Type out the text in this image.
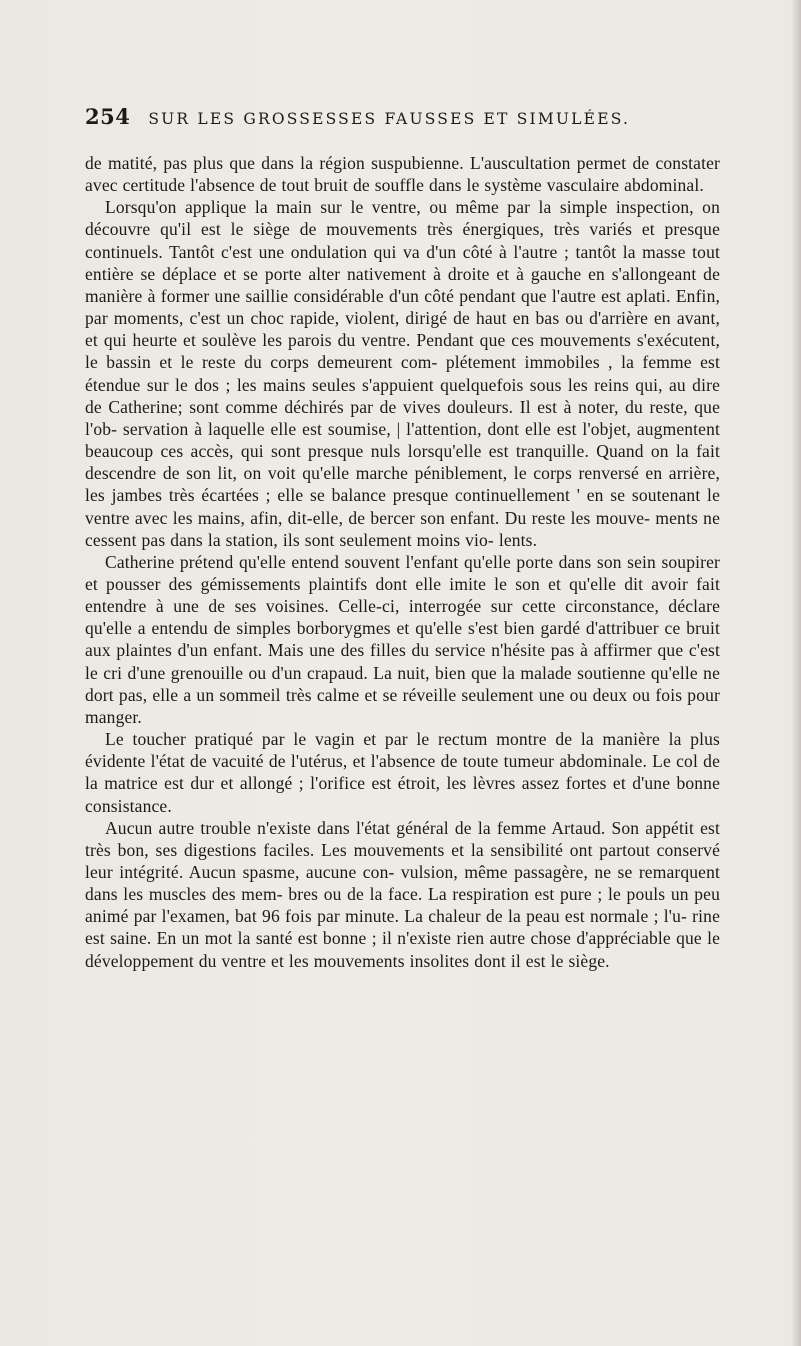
254 SUR LES GROSSESSES FAUSSES ET SIMULÉES.

de matité, pas plus que dans la région suspubienne. L'auscultation permet de constater avec certitude l'absence de tout bruit de souffle dans le système vasculaire abdominal.

Lorsqu'on applique la main sur le ventre, ou même par la simple inspection, on découvre qu'il est le siège de mouvements très énergiques, très variés et presque continuels. Tantôt c'est une ondulation qui va d'un côté à l'autre ; tantôt la masse tout entière se déplace et se porte alter nativement à droite et à gauche en s'allongeant de manière à former une saillie considérable d'un côté pendant que l'autre est aplati. Enfin, par moments, c'est un choc rapide, violent, dirigé de haut en bas ou d'arrière en avant, et qui heurte et soulève les parois du ventre. Pendant que ces mouvements s'exécutent, le bassin et le reste du corps demeurent com- plétement immobiles , la femme est étendue sur le dos ; les mains seules s'appuient quelquefois sous les reins qui, au dire de Catherine; sont comme déchirés par de vives douleurs. Il est à noter, du reste, que l'ob- servation à laquelle elle est soumise, | l'attention, dont elle est l'objet, augmentent beaucoup ces accès, qui sont presque nuls lorsqu'elle est tranquille. Quand on la fait descendre de son lit, on voit qu'elle marche péniblement, le corps renversé en arrière, les jambes très écartées ; elle se balance presque continuellement ' en se soutenant le ventre avec les mains, afin, dit-elle, de bercer son enfant. Du reste les mouve- ments ne cessent pas dans la station, ils sont seulement moins vio- lents.

Catherine prétend qu'elle entend souvent l'enfant qu'elle porte dans son sein soupirer et pousser des gémissements plaintifs dont elle imite le son et qu'elle dit avoir fait entendre à une de ses voisines. Celle-ci, interrogée sur cette circonstance, déclare qu'elle a entendu de simples borborygmes et qu'elle s'est bien gardé d'attribuer ce bruit aux plaintes d'un enfant. Mais une des filles du service n'hésite pas à affirmer que c'est le cri d'une grenouille ou d'un crapaud. La nuit, bien que la malade soutienne qu'elle ne dort pas, elle a un sommeil très calme et se réveille seulement une ou deux ou fois pour manger.

Le toucher pratiqué par le vagin et par le rectum montre de la manière la plus évidente l'état de vacuité de l'utérus, et l'absence de toute tumeur abdominale. Le col de la matrice est dur et allongé ; l'orifice est étroit, les lèvres assez fortes et d'une bonne consistance.

Aucun autre trouble n'existe dans l'état général de la femme Artaud. Son appétit est très bon, ses digestions faciles. Les mouvements et la sensibilité ont partout conservé leur intégrité. Aucun spasme, aucune con- vulsion, même passagère, ne se remarquent dans les muscles des mem- bres ou de la face. La respiration est pure ; le pouls un peu animé par l'examen, bat 96 fois par minute. La chaleur de la peau est normale ; l'u- rine est saine. En un mot la santé est bonne ; il n'existe rien autre chose d'appréciable que le développement du ventre et les mouvements insolites dont il est le siège.
